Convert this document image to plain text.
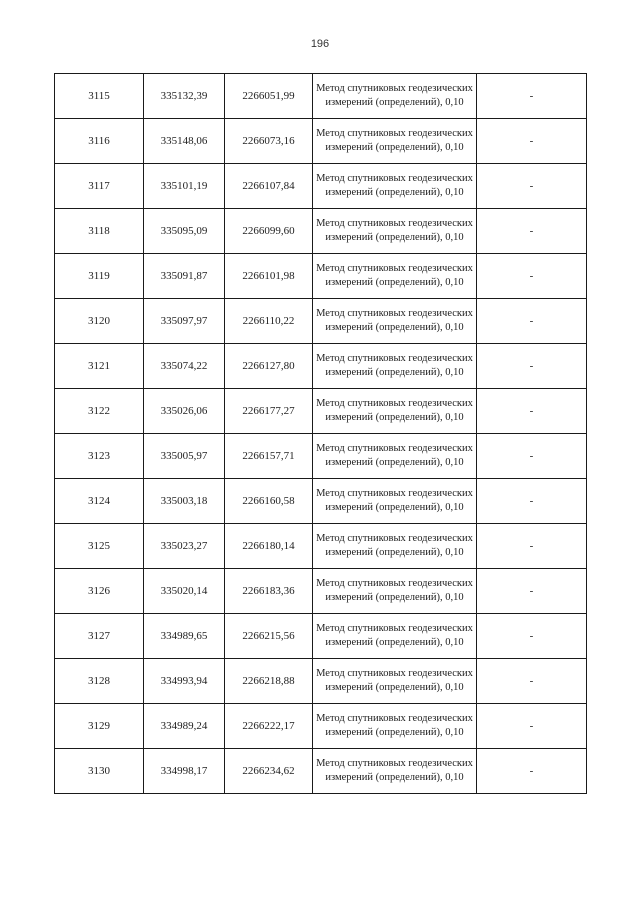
196
3115	335132,39	2266051,99	Метод спутниковых геодезических измерений (определений), 0,10	-
3116	335148,06	2266073,16	Метод спутниковых геодезических измерений (определений), 0,10	-
3117	335101,19	2266107,84	Метод спутниковых геодезических измерений (определений), 0,10	-
3118	335095,09	2266099,60	Метод спутниковых геодезических измерений (определений), 0,10	-
3119	335091,87	2266101,98	Метод спутниковых геодезических измерений (определений), 0,10	-
3120	335097,97	2266110,22	Метод спутниковых геодезических измерений (определений), 0,10	-
3121	335074,22	2266127,80	Метод спутниковых геодезических измерений (определений), 0,10	-
3122	335026,06	2266177,27	Метод спутниковых геодезических измерений (определений), 0,10	-
3123	335005,97	2266157,71	Метод спутниковых геодезических измерений (определений), 0,10	-
3124	335003,18	2266160,58	Метод спутниковых геодезических измерений (определений), 0,10	-
3125	335023,27	2266180,14	Метод спутниковых геодезических измерений (определений), 0,10	-
3126	335020,14	2266183,36	Метод спутниковых геодезических измерений (определений), 0,10	-
3127	334989,65	2266215,56	Метод спутниковых геодезических измерений (определений), 0,10	-
3128	334993,94	2266218,88	Метод спутниковых геодезических измерений (определений), 0,10	-
3129	334989,24	2266222,17	Метод спутниковых геодезических измерений (определений), 0,10	-
3130	334998,17	2266234,62	Метод спутниковых геодезических измерений (определений), 0,10	-
